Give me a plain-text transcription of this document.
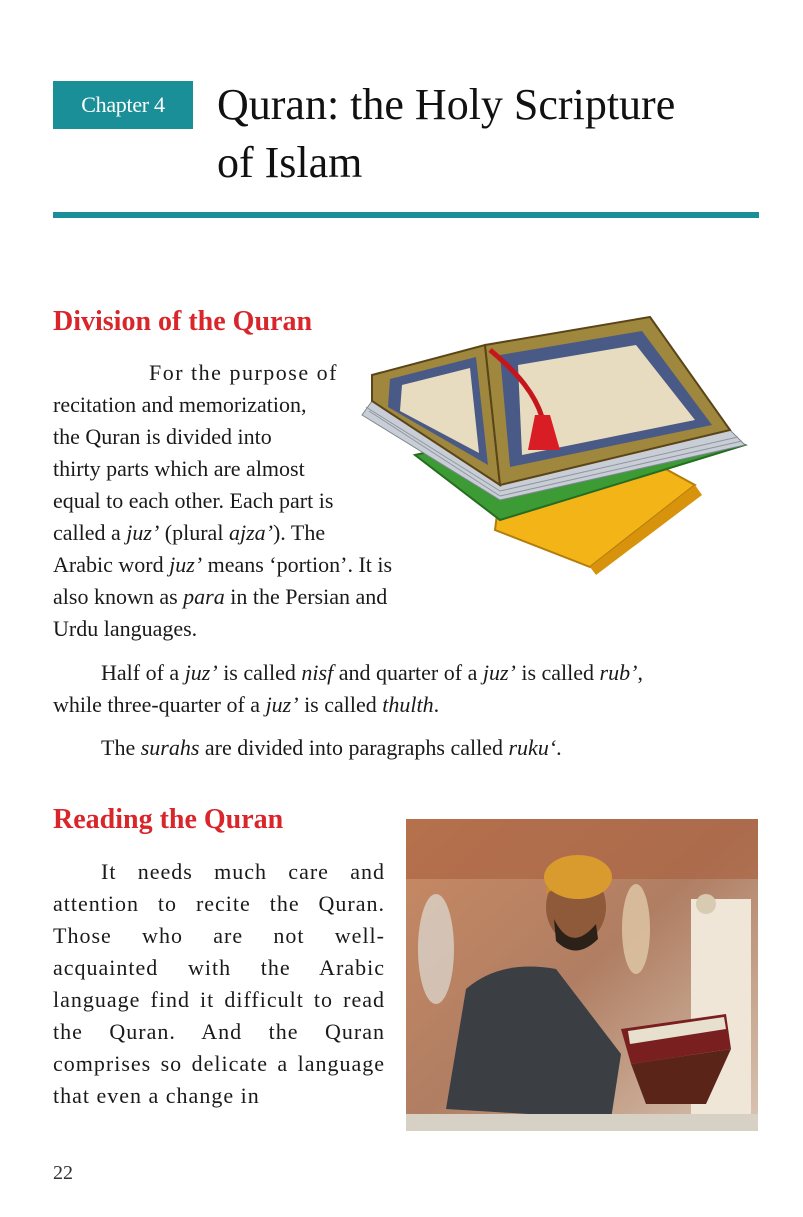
Chapter 4	Quran: the Holy Scripture
of Islam
Division of the Quran

For the purpose of
recitation and memorization,
the Quran is divided into
thirty parts which are almost
equal to each other. Each part is
called a juz’ (plural ajza’). The
Arabic word juz’ means ‘portion’. It is
also known as para in the Persian and
Urdu languages.

Half of a juz’ is called nisf and quarter of a juz’ is called rub’,
while three-quarter of a juz’ is called thulth.

The surahs are divided into paragraphs called ruku‘.

Reading the Quran

It needs much care and attention to recite the Quran. Those who are not well-acquainted with the Arabic language find it difficult to read the Quran. And the Quran comprises so delicate a language that even a change in

22
